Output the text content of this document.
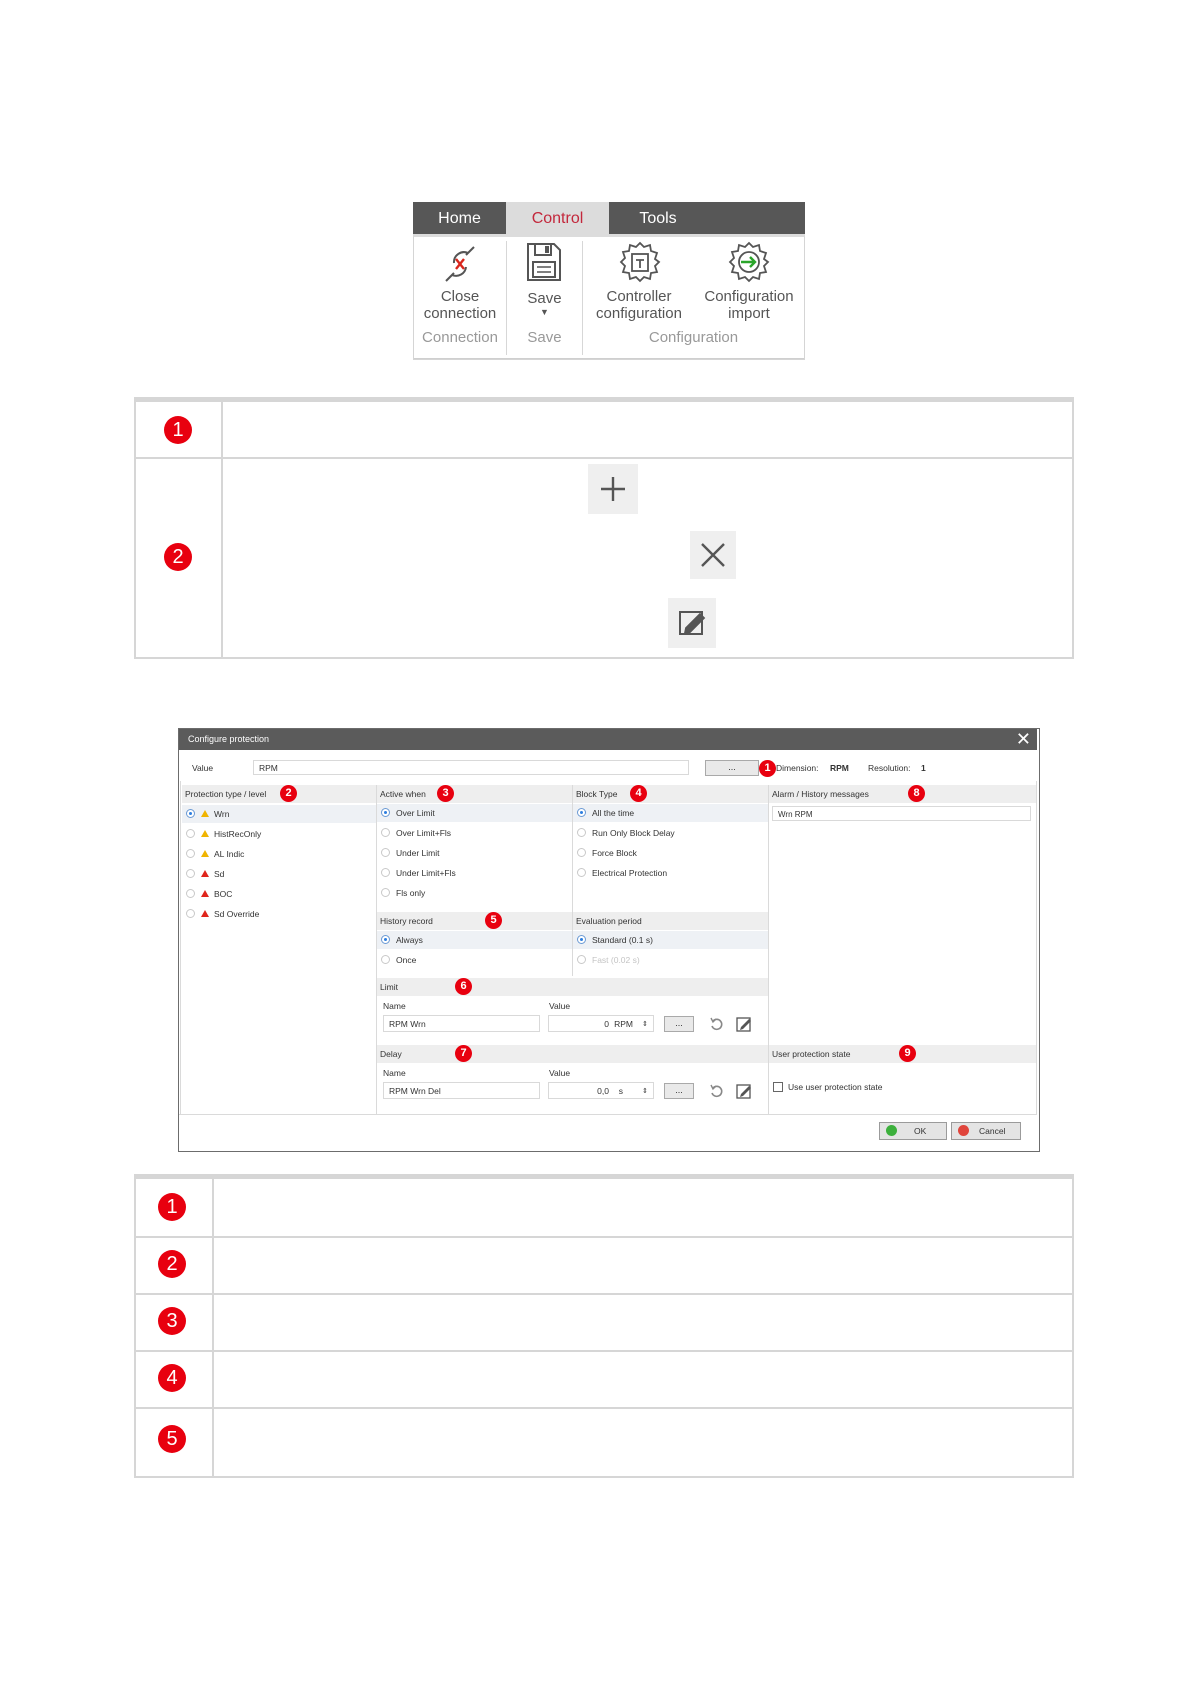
Home	Control	Tools
Close
connection
Save
▼
Controller
configuration
Configuration
import
Connection	Save	Configuration
1
2
Configure protection	✕
Value	RPM	...	1 Dimension: RPM Resolution: 1
Protection type / level	2
Wrn
HistRecOnly
AL Indic
Sd
BOC
Sd Override
Active when	3
Over Limit
Over Limit+Fls
Under Limit
Under Limit+Fls
Fls only
Block Type	4
All the time
Run Only Block Delay
Force Block
Electrical Protection
Alarm / History messages	8
Wrn RPM
History record	5
Always
Once
Evaluation period
Standard (0.1 s)
Fast (0.02 s)
Limit	6
Name	Value
RPM Wrn	0 RPM ⇕	...
Delay	7
Name	Value
RPM Wrn Del	0,0 s	⇕	...
User protection state	9
Use user protection state
OK	Cancel
1
2
3
4
5
